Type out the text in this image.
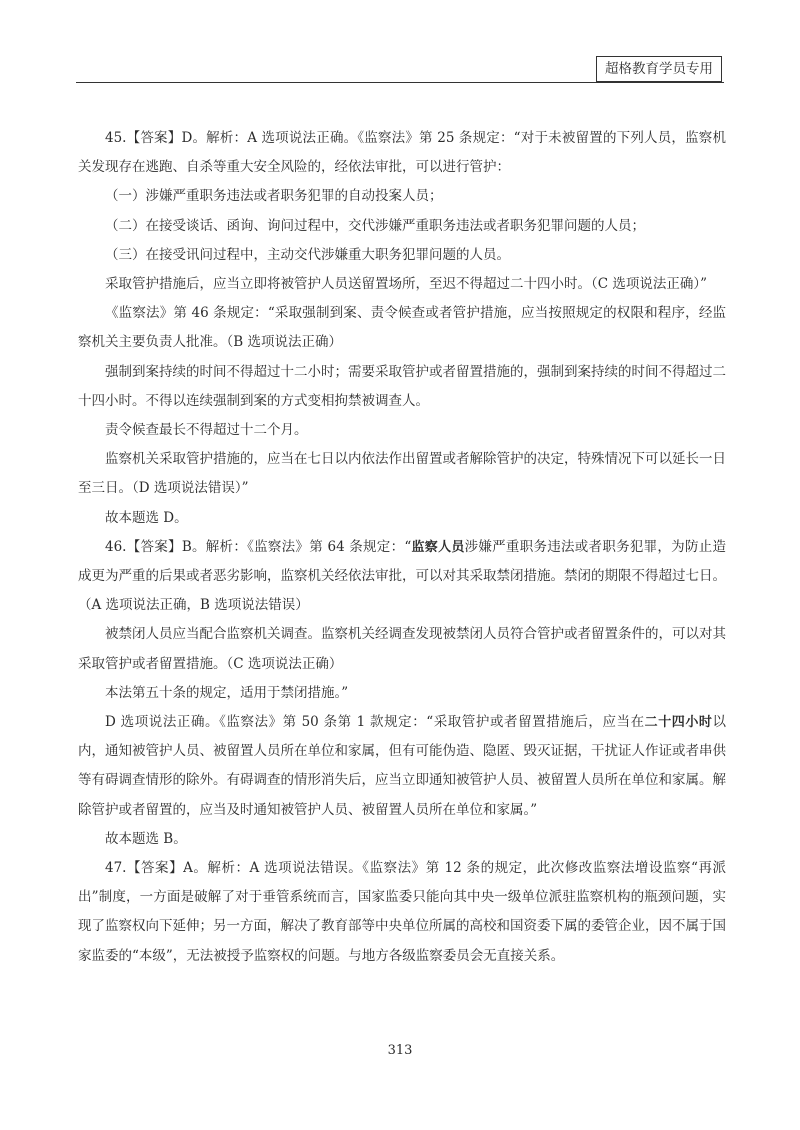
超格教育学员专用

45.【答案】D。解析：A 选项说法正确。《监察法》第 25 条规定：“对于未被留置的下列人员，监察机关发现存在逃跑、自杀等重大安全风险的，经依法审批，可以进行管护：

（一）涉嫌严重职务违法或者职务犯罪的自动投案人员；

（二）在接受谈话、函询、询问过程中，交代涉嫌严重职务违法或者职务犯罪问题的人员；

（三）在接受讯问过程中，主动交代涉嫌重大职务犯罪问题的人员。

采取管护措施后，应当立即将被管护人员送留置场所，至迟不得超过二十四小时。（C 选项说法正确）”

《监察法》第 46 条规定：“采取强制到案、责令候查或者管护措施，应当按照规定的权限和程序，经监察机关主要负责人批准。（B 选项说法正确）

强制到案持续的时间不得超过十二小时；需要采取管护或者留置措施的，强制到案持续的时间不得超过二十四小时。不得以连续强制到案的方式变相拘禁被调查人。

责令候查最长不得超过十二个月。

监察机关采取管护措施的，应当在七日以内依法作出留置或者解除管护的决定，特殊情况下可以延长一日至三日。（D 选项说法错误）”

故本题选 D。

46.【答案】B。解析：《监察法》第 64 条规定：“监察人员涉嫌严重职务违法或者职务犯罪，为防止造成更为严重的后果或者恶劣影响，监察机关经依法审批，可以对其采取禁闭措施。禁闭的期限不得超过七日。（A 选项说法正确，B 选项说法错误）

被禁闭人员应当配合监察机关调查。监察机关经调查发现被禁闭人员符合管护或者留置条件的，可以对其采取管护或者留置措施。（C 选项说法正确）

本法第五十条的规定，适用于禁闭措施。”

D 选项说法正确。《监察法》第 50 条第 1 款规定：“采取管护或者留置措施后，应当在二十四小时以内，通知被管护人员、被留置人员所在单位和家属，但有可能伪造、隐匿、毁灭证据，干扰证人作证或者串供等有碍调查情形的除外。有碍调查的情形消失后，应当立即通知被管护人员、被留置人员所在单位和家属。解除管护或者留置的，应当及时通知被管护人员、被留置人员所在单位和家属。”

故本题选 B。

47.【答案】A。解析：A 选项说法错误。《监察法》第 12 条的规定，此次修改监察法增设监察“再派出”制度，一方面是破解了对于垂管系统而言，国家监委只能向其中央一级单位派驻监察机构的瓶颈问题，实现了监察权向下延伸；另一方面，解决了教育部等中央单位所属的高校和国资委下属的委管企业，因不属于国家监委的“本级”，无法被授予监察权的问题。与地方各级监察委员会无直接关系。

313
